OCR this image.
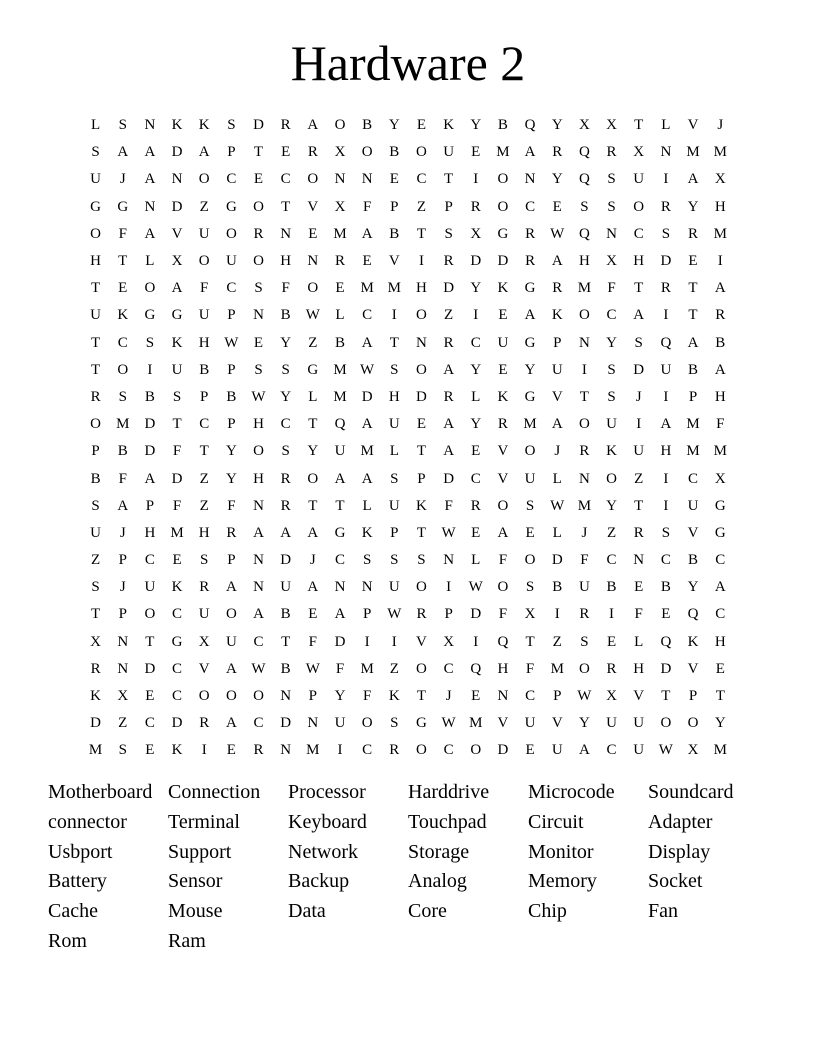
Hardware 2
L	S	N	K	K	S	D	R	A	O	B	Y	E	K	Y	B	Q	Y	X	X	T	L	V	J
S	A	A	D	A	P	T	E	R	X	O	B	O	U	E	M	A	R	Q	R	X	N	M	M
U	J	A	N	O	C	E	C	O	N	N	E	C	T	I	O	N	Y	Q	S	U	I	A	X
G	G	N	D	Z	G	O	T	V	X	F	P	Z	P	R	O	C	E	S	S	O	R	Y	H
O	F	A	V	U	O	R	N	E	M	A	B	T	S	X	G	R	W	Q	N	C	S	R	M
H	T	L	X	O	U	O	H	N	R	E	V	I	R	D	D	R	A	H	X	H	D	E	I
T	E	O	A	F	C	S	F	O	E	M	M	H	D	Y	K	G	R	M	F	T	R	T	A
U	K	G	G	U	P	N	B	W	L	C	I	O	Z	I	E	A	K	O	C	A	I	T	R
T	C	S	K	H	W	E	Y	Z	B	A	T	N	R	C	U	G	P	N	Y	S	Q	A	B
T	O	I	U	B	P	S	S	G	M	W	S	O	A	Y	E	Y	U	I	S	D	U	B	A
R	S	B	S	P	B	W	Y	L	M	D	H	D	R	L	K	G	V	T	S	J	I	P	H
O	M	D	T	C	P	H	C	T	Q	A	U	E	A	Y	R	M	A	O	U	I	A	M	F
P	B	D	F	T	Y	O	S	Y	U	M	L	T	A	E	V	O	J	R	K	U	H	M	M
B	F	A	D	Z	Y	H	R	O	A	A	S	P	D	C	V	U	L	N	O	Z	I	C	X
S	A	P	F	Z	F	N	R	T	T	L	U	K	F	R	O	S	W	M	Y	T	I	U	G
U	J	H	M	H	R	A	A	A	G	K	P	T	W	E	A	E	L	J	Z	R	S	V	G
Z	P	C	E	S	P	N	D	J	C	S	S	S	N	L	F	O	D	F	C	N	C	B	C
S	J	U	K	R	A	N	U	A	N	N	U	O	I	W	O	S	B	U	B	E	B	Y	A
T	P	O	C	U	O	A	B	E	A	P	W	R	P	D	F	X	I	R	I	F	E	Q	C
X	N	T	G	X	U	C	T	F	D	I	I	V	X	I	Q	T	Z	S	E	L	Q	K	H
R	N	D	C	V	A	W	B	W	F	M	Z	O	C	Q	H	F	M	O	R	H	D	V	E
K	X	E	C	O	O	O	N	P	Y	F	K	T	J	E	N	C	P	W	X	V	T	P	T
D	Z	C	D	R	A	C	D	N	U	O	S	G	W	M	V	U	V	Y	U	U	O	O	Y
M	S	E	K	I	E	R	N	M	I	C	R	O	C	O	D	E	U	A	C	U	W	X	M
Motherboard Connection	Processor	Harddrive	Microcode	Soundcard
connector	Terminal	Keyboard	Touchpad	Circuit	Adapter
Usbport	Support	Network	Storage	Monitor	Display
Battery	Sensor	Backup	Analog	Memory	Socket
Cache	Mouse	Data	Core	Chip	Fan
Rom	Ram
